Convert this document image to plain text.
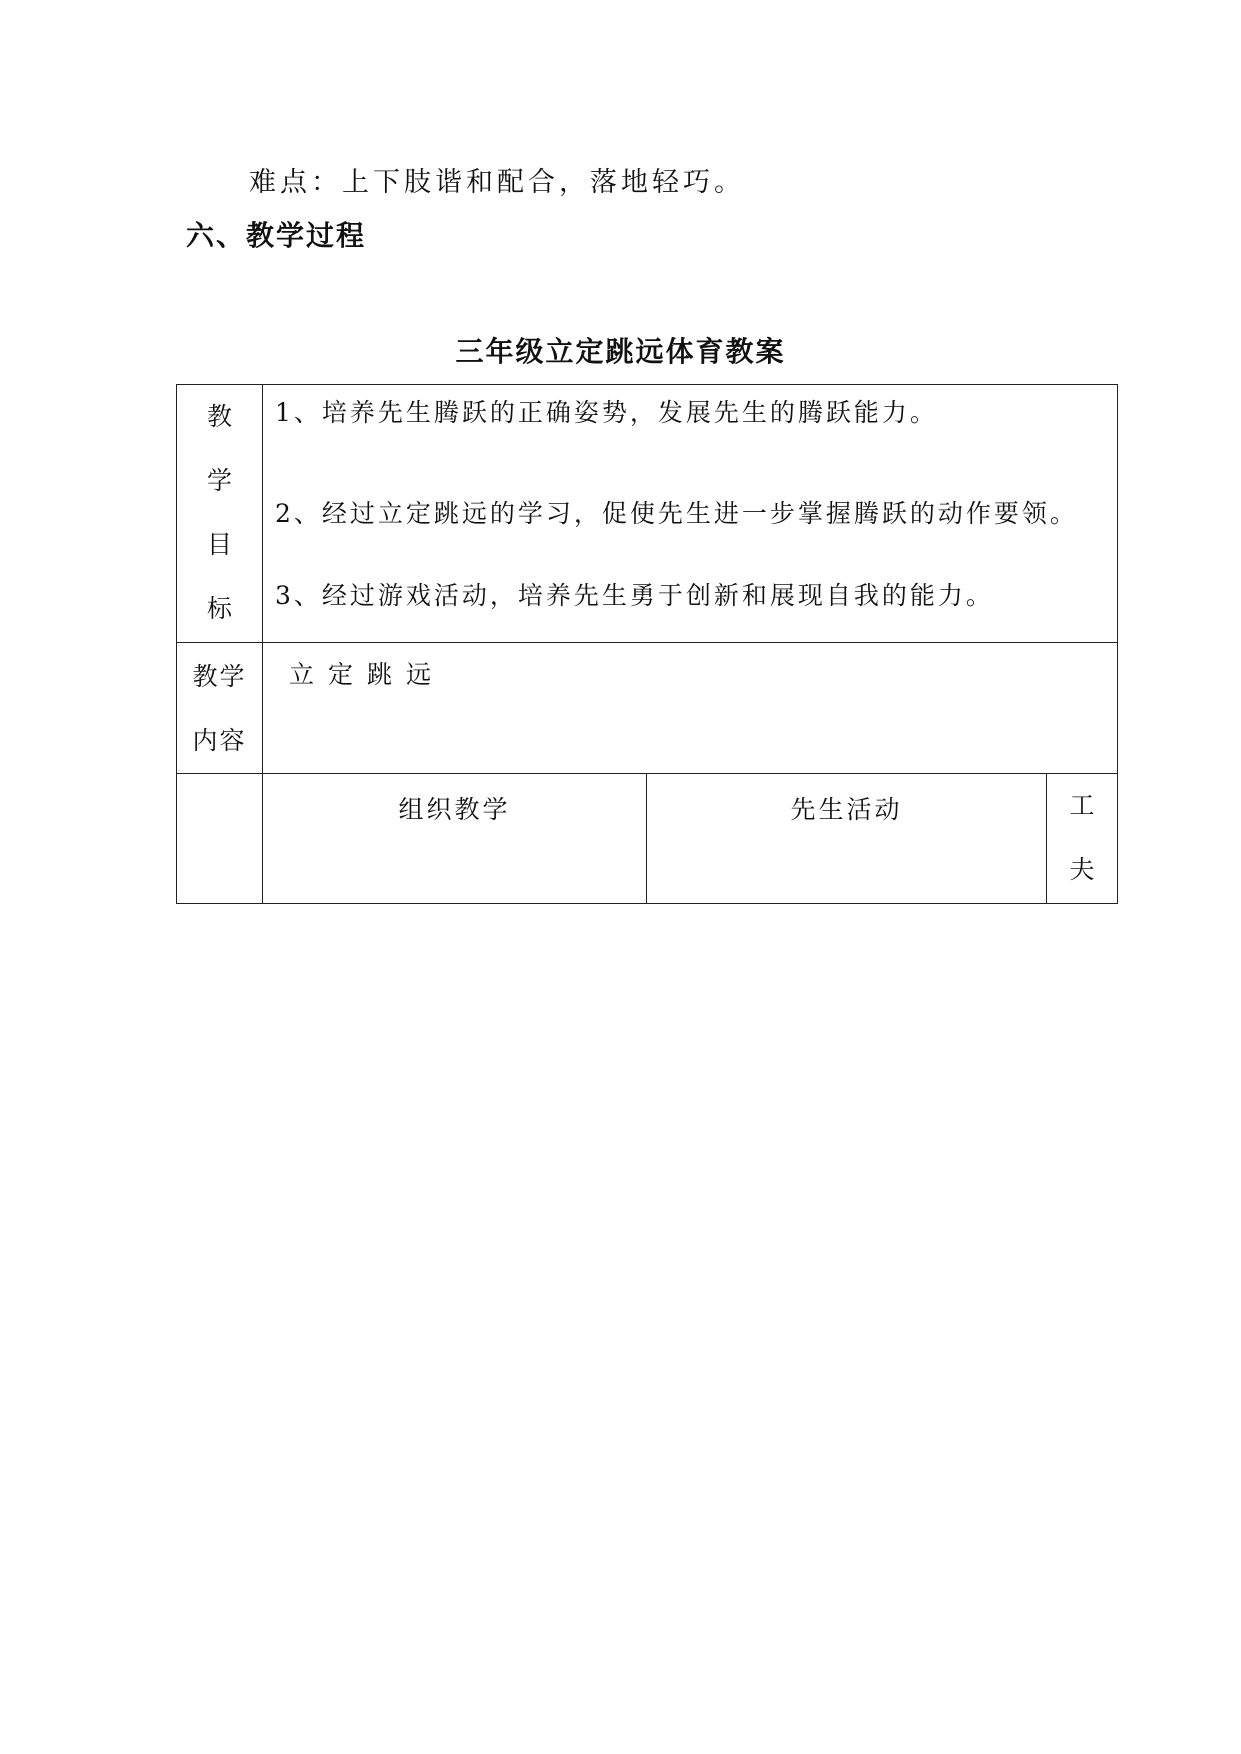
难点：上下肢谐和配合，落地轻巧。
六、教学过程
三年级立定跳远体育教案
教
学
目
标	1、培养先生腾跃的正确姿势，发展先生的腾跃能力。
2、经过立定跳远的学习，促使先生进一步掌握腾跃的动作要领。
3、经过游戏活动，培养先生勇于创新和展现自我的能力。		

教学
内容	立定跳远		
	组织教学	先生活动	工
夫
